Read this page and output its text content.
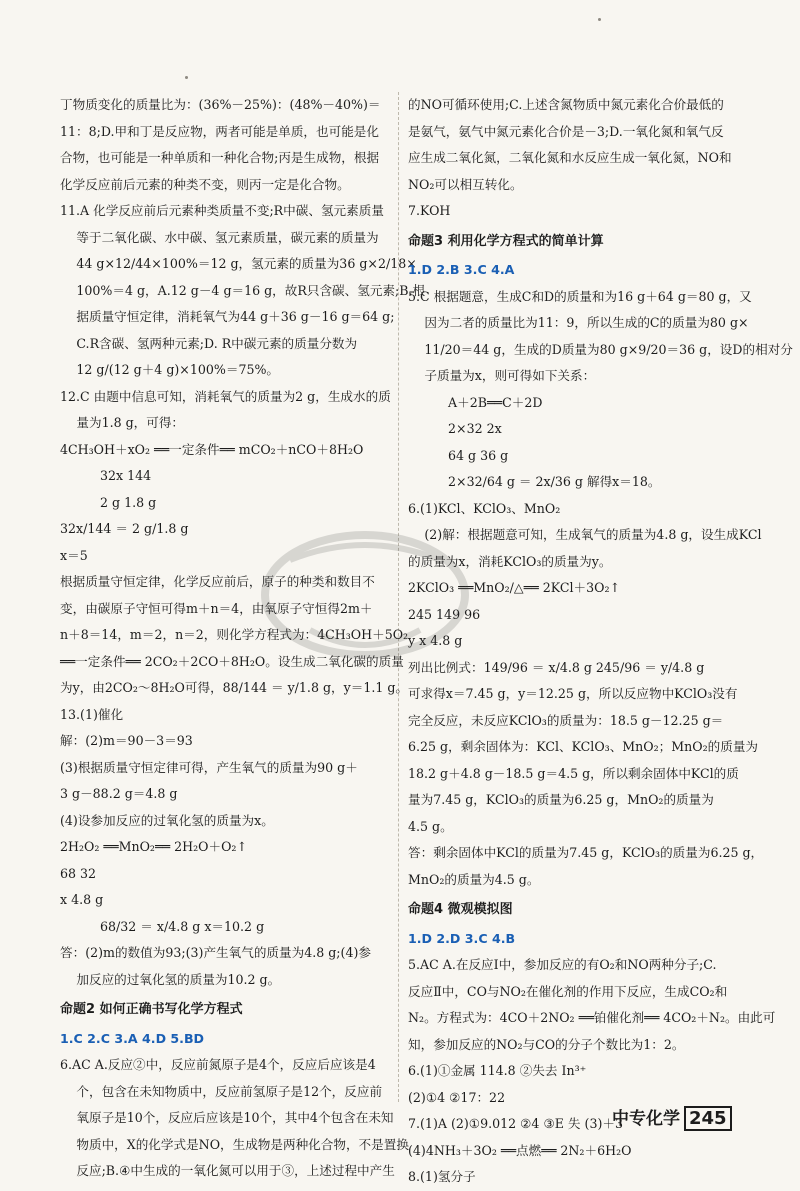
丁物质变化的质量比为：(36%－25%)：(48%－40%)＝
11：8;D.甲和丁是反应物，两者可能是单质，也可能是化
合物，也可能是一种单质和一种化合物;丙是生成物，根据
化学反应前后元素的种类不变，则丙一定是化合物。
11.A 化学反应前后元素种类质量不变;R中碳、氢元素质量
等于二氧化碳、水中碳、氢元素质量，碳元素的质量为
44 g×12/44×100%＝12 g，氢元素的质量为36 g×2/18×
100%＝4 g，A.12 g－4 g＝16 g，故R只含碳、氢元素;B.根
据质量守恒定律，消耗氧气为44 g＋36 g－16 g＝64 g;
C.R含碳、氢两种元素;D. R中碳元素的质量分数为
12 g/(12 g＋4 g)×100%＝75%。
12.C 由题中信息可知，消耗氧气的质量为2 g，生成水的质
量为1.8 g，可得：
4CH₃OH＋xO₂ ══一定条件══ mCO₂＋nCO＋8H₂O
32x 144
2 g 1.8 g
32x/144 ＝ 2 g/1.8 g
x＝5
根据质量守恒定律，化学反应前后，原子的种类和数目不
变，由碳原子守恒可得m＋n＝4，由氧原子守恒得2m＋
n＋8＝14，m＝2，n＝2，则化学方程式为：4CH₃OH＋5O₂
══一定条件══ 2CO₂＋2CO＋8H₂O。设生成二氧化碳的质量
为y，由2CO₂～8H₂O可得，88/144 ＝ y/1.8 g，y＝1.1 g。
13.(1)催化
解：(2)m＝90－3＝93
(3)根据质量守恒定律可得，产生氧气的质量为90 g＋
3 g－88.2 g＝4.8 g
(4)设参加反应的过氧化氢的质量为x。
2H₂O₂ ══MnO₂══ 2H₂O＋O₂↑
68 32
x 4.8 g
68/32 ＝ x/4.8 g x＝10.2 g
答：(2)m的数值为93;(3)产生氧气的质量为4.8 g;(4)参
加反应的过氧化氢的质量为10.2 g。
命题2 如何正确书写化学方程式
1.C 2.C 3.A 4.D 5.BD
6.AC A.反应②中，反应前氮原子是4个，反应后应该是4
个，包含在未知物质中，反应前氢原子是12个，反应前
氧原子是10个，反应后应该是10个，其中4个包含在未知
物质中，X的化学式是NO，生成物是两种化合物，不是置换
反应;B.④中生成的一氧化氮可以用于③，上述过程中产生
的NO可循环使用;C.上述含氮物质中氮元素化合价最低的
是氨气，氨气中氮元素化合价是－3;D.一氧化氮和氧气反
应生成二氧化氮，二氧化氮和水反应生成一氧化氮，NO和
NO₂可以相互转化。
7.KOH
命题3 利用化学方程式的简单计算
1.D 2.B 3.C 4.A
5.C 根据题意，生成C和D的质量和为16 g＋64 g＝80 g，又
因为二者的质量比为11：9，所以生成的C的质量为80 g×
11/20＝44 g，生成的D质量为80 g×9/20＝36 g，设D的相对分
子质量为x，则可得如下关系：
A＋2B══C＋2D
2×32 2x
64 g 36 g
2×32/64 g ＝ 2x/36 g 解得x＝18。
6.(1)KCl、KClO₃、MnO₂
(2)解：根据题意可知，生成氧气的质量为4.8 g，设生成KCl
的质量为x，消耗KClO₃的质量为y。
2KClO₃ ══MnO₂/△══ 2KCl＋3O₂↑
245 149 96
y x 4.8 g
列出比例式：149/96 ＝ x/4.8 g 245/96 ＝ y/4.8 g
可求得x＝7.45 g，y＝12.25 g，所以反应物中KClO₃没有
完全反应，未反应KClO₃的质量为：18.5 g－12.25 g＝
6.25 g，剩余固体为：KCl、KClO₃、MnO₂；MnO₂的质量为
18.2 g＋4.8 g－18.5 g＝4.5 g，所以剩余固体中KCl的质
量为7.45 g，KClO₃的质量为6.25 g，MnO₂的质量为
4.5 g。
答：剩余固体中KCl的质量为7.45 g，KClO₃的质量为6.25 g，
MnO₂的质量为4.5 g。
命题4 微观模拟图
1.D 2.D 3.C 4.B
5.AC A.在反应Ⅰ中，参加反应的有O₂和NO两种分子;C.
反应Ⅱ中，CO与NO₂在催化剂的作用下反应，生成CO₂和
N₂。方程式为：4CO＋2NO₂ ══铂催化剂══ 4CO₂＋N₂。由此可
知，参加反应的NO₂与CO的分子个数比为1：2。
6.(1)①金属 114.8 ②失去 In³⁺
(2)①4 ②17：22
7.(1)A (2)①9.012 ②4 ③E 失 (3)＋3
(4)4NH₃＋3O₂ ══点燃══ 2N₂＋6H₂O
8.(1)氢分子
中专化学 245
